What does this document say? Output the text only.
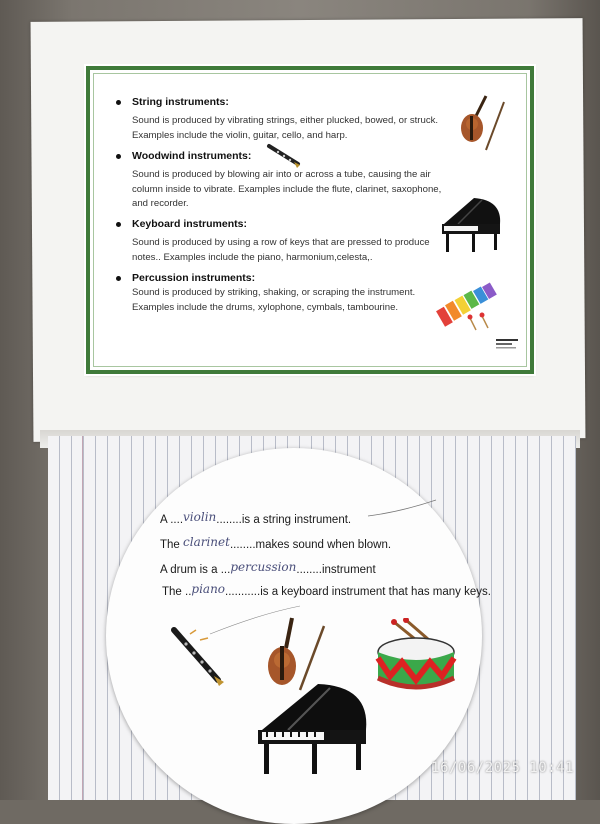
String instruments:
Sound is produced by vibrating strings, either plucked, bowed, or struck. Examples include the violin, guitar, cello, and harp.
Woodwind instruments:
Sound is produced by blowing air into or across a tube, causing the air column inside to vibrate. Examples include the flute, clarinet, saxophone, and recorder.
Keyboard instruments:
Sound is produced by using a row of keys that are pressed to produce notes.. Examples include the piano, harmonium,celesta,.
Percussion instruments:
Sound is produced by striking, shaking, or scraping the instrument. Examples include the drums, xylophone, cymbals, tambourine.
A ....violin........is a string instrument.
The clarinet........makes sound when blown.
A drum is a ...percussion........instrument
The ..piano...........is a keyboard instrument that has many keys.
16/06/2025 10:41
